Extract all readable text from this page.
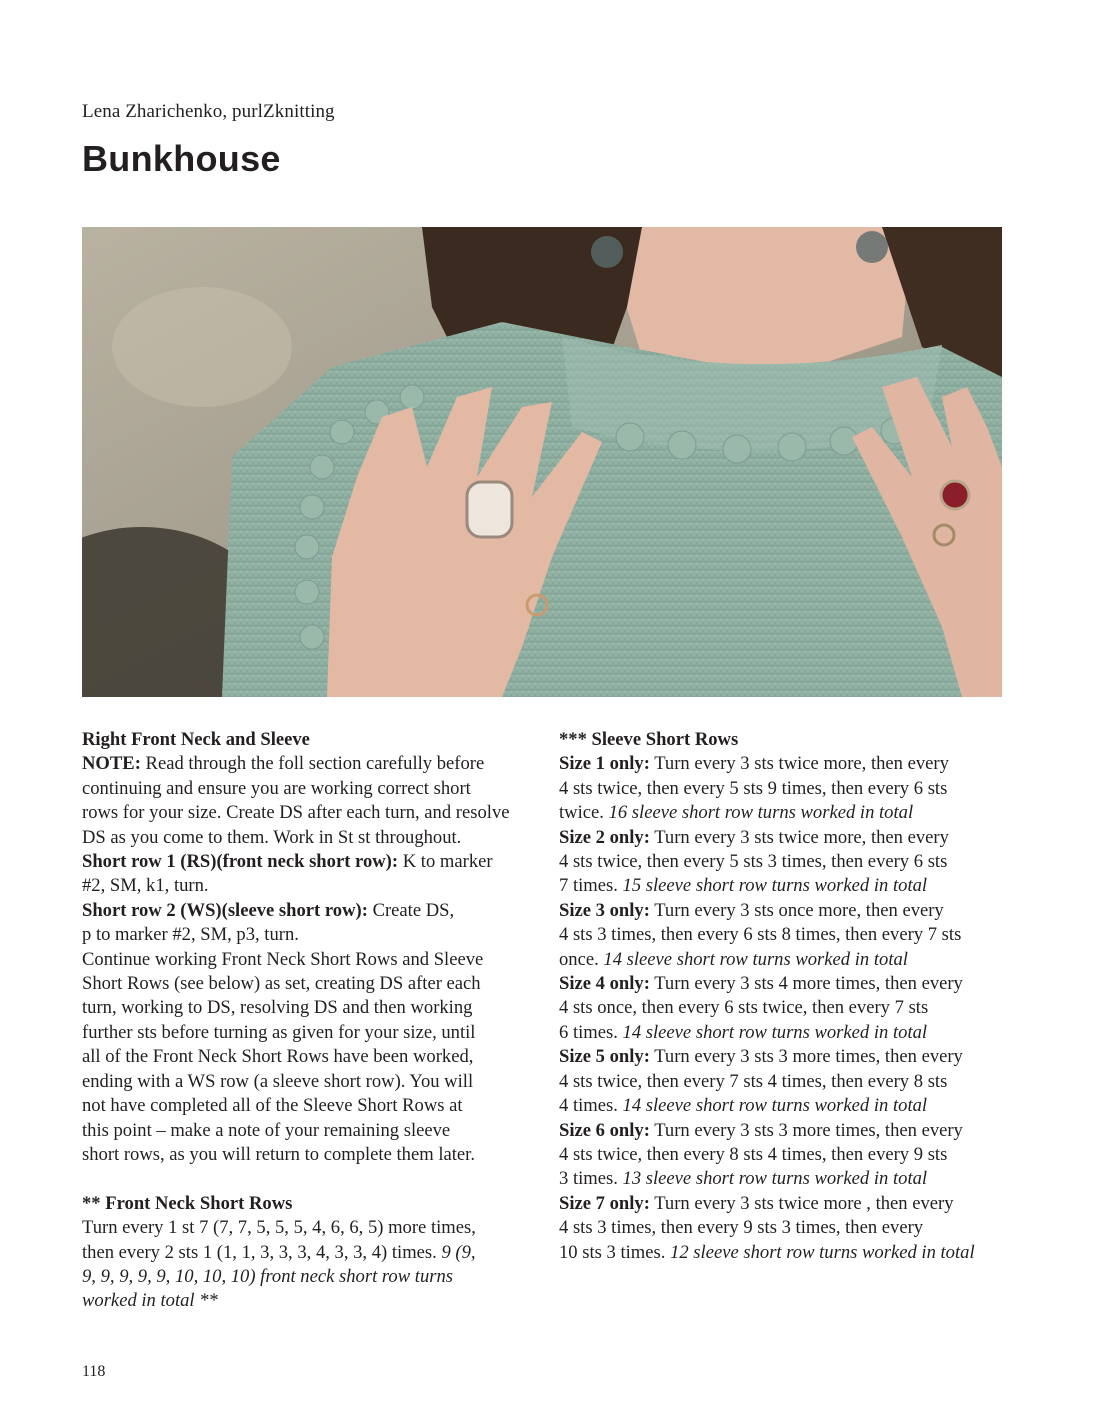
Lena Zharichenko, purlZknitting
Bunkhouse
Right Front Neck and Sleeve
NOTE: Read through the foll section carefully before
continuing and ensure you are working correct short
rows for your size. Create DS after each turn, and resolve
DS as you come to them. Work in St st throughout.
Short row 1 (RS)(front neck short row): K to marker
#2, SM, k1, turn.
Short row 2 (WS)(sleeve short row): Create DS,
p to marker #2, SM, p3, turn.
Continue working Front Neck Short Rows and Sleeve
Short Rows (see below) as set, creating DS after each
turn, working to DS, resolving DS and then working
further sts before turning as given for your size, until
all of the Front Neck Short Rows have been worked,
ending with a WS row (a sleeve short row). You will
not have completed all of the Sleeve Short Rows at
this point – make a note of your remaining sleeve
short rows, as you will return to complete them later.
** Front Neck Short Rows
Turn every 1 st 7 (7, 7, 5, 5, 5, 4, 6, 6, 5) more times,
then every 2 sts 1 (1, 1, 3, 3, 3, 4, 3, 3, 4) times. 9 (9,
9, 9, 9, 9, 9, 10, 10, 10) front neck short row turns
worked in total **
*** Sleeve Short Rows
Size 1 only: Turn every 3 sts twice more, then every
4 sts twice, then every 5 sts 9 times, then every 6 sts
twice. 16 sleeve short row turns worked in total
Size 2 only: Turn every 3 sts twice more, then every
4 sts twice, then every 5 sts 3 times, then every 6 sts
7 times. 15 sleeve short row turns worked in total
Size 3 only: Turn every 3 sts once more, then every
4 sts 3 times, then every 6 sts 8 times, then every 7 sts
once. 14 sleeve short row turns worked in total
Size 4 only: Turn every 3 sts 4 more times, then every
4 sts once, then every 6 sts twice, then every 7 sts
6 times. 14 sleeve short row turns worked in total
Size 5 only: Turn every 3 sts 3 more times, then every
4 sts twice, then every 7 sts 4 times, then every 8 sts
4 times. 14 sleeve short row turns worked in total
Size 6 only: Turn every 3 sts 3 more times, then every
4 sts twice, then every 8 sts 4 times, then every 9 sts
3 times. 13 sleeve short row turns worked in total
Size 7 only: Turn every 3 sts twice more , then every
4 sts 3 times, then every 9 sts 3 times, then every
10 sts 3 times. 12 sleeve short row turns worked in total
118
